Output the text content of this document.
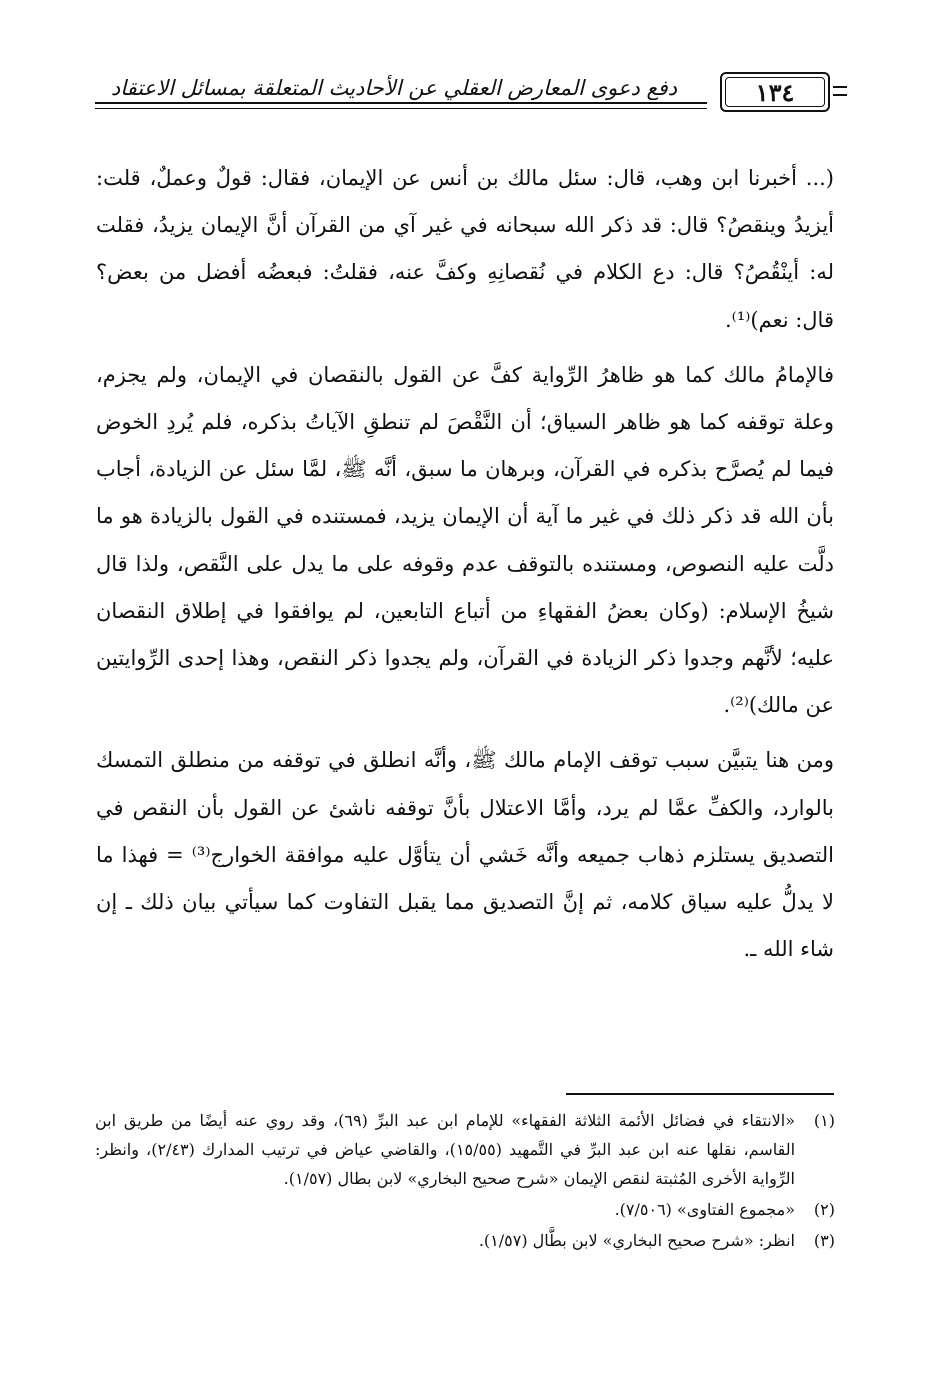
دفع دعوى المعارض العقلي عن الأحاديث المتعلقة بمسائل الاعتقاد	١٣٤

(... أخبرنا ابن وهب، قال: سئل مالك بن أنس عن الإيمان، فقال: قولٌ وعملٌ، قلت: أيزيدُ وينقصُ؟ قال: قد ذكر الله سبحانه في غير آي من القرآن أنَّ الإيمان يزيدُ، فقلت له: أينْقُصُ؟ قال: دع الكلام في نُقصانِهِ وكفَّ عنه، فقلتُ: فبعضُه أفضل من بعض؟ قال: نعم)⁽¹⁾.

فالإمامُ مالك كما هو ظاهرُ الرِّواية كفَّ عن القول بالنقصان في الإيمان، ولم يجزم، وعلة توقفه كما هو ظاهر السياق؛ أن النَّقْصَ لم تنطقِ الآياتُ بذكره، فلم يُردِ الخوض فيما لم يُصرَّح بذكره في القرآن، وبرهان ما سبق، أنَّه ﷺ، لمَّا سئل عن الزيادة، أجاب بأن الله قد ذكر ذلك في غير ما آية أن الإيمان يزيد، فمستنده في القول بالزيادة هو ما دلَّت عليه النصوص، ومستنده بالتوقف عدم وقوفه على ما يدل على النَّقص، ولذا قال شيخُ الإسلام: (وكان بعضُ الفقهاءِ من أتباع التابعين، لم يوافقوا في إطلاق النقصان عليه؛ لأنَّهم وجدوا ذكر الزيادة في القرآن، ولم يجدوا ذكر النقص، وهذا إحدى الرِّوايتين عن مالك)⁽²⁾.

ومن هنا يتبيَّن سبب توقف الإمام مالك ﷺ، وأنَّه انطلق في توقفه من منطلق التمسك بالوارد، والكفِّ عمَّا لم يرد، وأمَّا الاعتلال بأنَّ توقفه ناشئ عن القول بأن النقص في التصديق يستلزم ذهاب جميعه وأنَّه خَشي أن يتأوَّل عليه موافقة الخوارج⁽³⁾ = فهذا ما لا يدلُّ عليه سياق كلامه، ثم إنَّ التصديق مما يقبل التفاوت كما سيأتي بيان ذلك ـ إن شاء الله ـ.

(١)
«الانتقاء في فضائل الأئمة الثلاثة الفقهاء» للإمام ابن عبد البرِّ (٦٩)، وقد روي عنه أيضًا من طريق ابن القاسم، نقلها عنه ابن عبد البرِّ في التَّمهيد (١٥/٥٥)، والقاضي عياض في ترتيب المدارك (٢/٤٣)، وانظر: الرِّواية الأخرى المُثبتة لنقص الإيمان «شرح صحيح البخاري» لابن بطال (١/٥٧).
(٢)
«مجموع الفتاوى» (٧/٥٠٦).
(٣)
انظر: «شرح صحيح البخاري» لابن بطَّال (١/٥٧).
